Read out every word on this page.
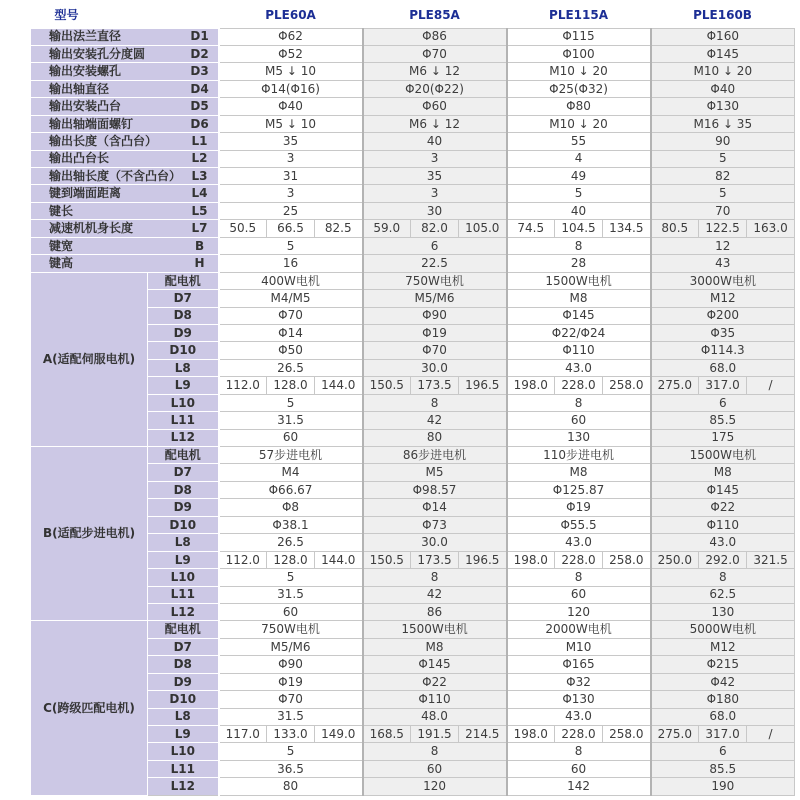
型号		PLE60A			PLE85A			PLE115A			PLE160B		

输出法兰直径 D1		Φ62			Φ86			Φ115			Φ160		

输出安装孔分度圆 D2		Φ52			Φ70			Φ100			Φ145		

输出安装螺孔 D3		M5 ↓ 10			M6 ↓ 12			M10 ↓ 20			M10 ↓ 20		

输出轴直径 D4		Φ14(Φ16)			Φ20(Φ22)			Φ25(Φ32)			Φ40		

输出安装凸台 D5		Φ40			Φ60			Φ80			Φ130		

输出轴端面螺钉 D6		M5 ↓ 10			M6 ↓ 12			M10 ↓ 20			M16 ↓ 35		

输出长度（含凸台） L1		35			40			55			90		

输出凸台长 L2		3			3			4			5		

输出轴长度（不含凸台） L3		31			35			49			82		

键到端面距离 L4		3			3			5			5		

键长 L5		25			30			40			70		

减速机机身长度 L7		50.5	66.5	82.5	59.0	82.0	105.0	74.5	104.5	134.5	80.5	122.5	163.0

键宽 B		5			6			8			12		

键高 H		16			22.5			28			43		
A(适配伺服电机)	配电机	400W电机			750W电机			1500W电机			3000W电机		
	D7	M4/M5			M5/M6			M8			M12		
	D8	Φ70			Φ90			Φ145			Φ200		
	D9	Φ14			Φ19			Φ22/Φ24			Φ35		
	D10	Φ50			Φ70			Φ110			Φ114.3		
	L8	26.5			30.0			43.0			68.0		
	L9	112.0	128.0	144.0	150.5	173.5	196.5	198.0	228.0	258.0	275.0	317.0	/
	L10	5			8			8			6		
	L11	31.5			42			60			85.5		
	L12	60			80			130			175		
B(适配步进电机)	配电机	57步进电机			86步进电机			110步进电机			1500W电机		
	D7	M4			M5			M8			M8		
	D8	Φ66.67			Φ98.57			Φ125.87			Φ145		
	D9	Φ8			Φ14			Φ19			Φ22		
	D10	Φ38.1			Φ73			Φ55.5			Φ110		
	L8	26.5			30.0			43.0			43.0		
	L9	112.0	128.0	144.0	150.5	173.5	196.5	198.0	228.0	258.0	250.0	292.0	321.5
	L10	5			8			8			8		
	L11	31.5			42			60			62.5		
	L12	60			86			120			130		
C(跨级匹配电机)	配电机	750W电机			1500W电机			2000W电机			5000W电机		
	D7	M5/M6			M8			M10			M12		
	D8	Φ90			Φ145			Φ165			Φ215		
	D9	Φ19			Φ22			Φ32			Φ42		
	D10	Φ70			Φ110			Φ130			Φ180		
	L8	31.5			48.0			43.0			68.0		
	L9	117.0	133.0	149.0	168.5	191.5	214.5	198.0	228.0	258.0	275.0	317.0	/
	L10	5			8			8			6		
	L11	36.5			60			60			85.5		
	L12	80			120			142			190		
